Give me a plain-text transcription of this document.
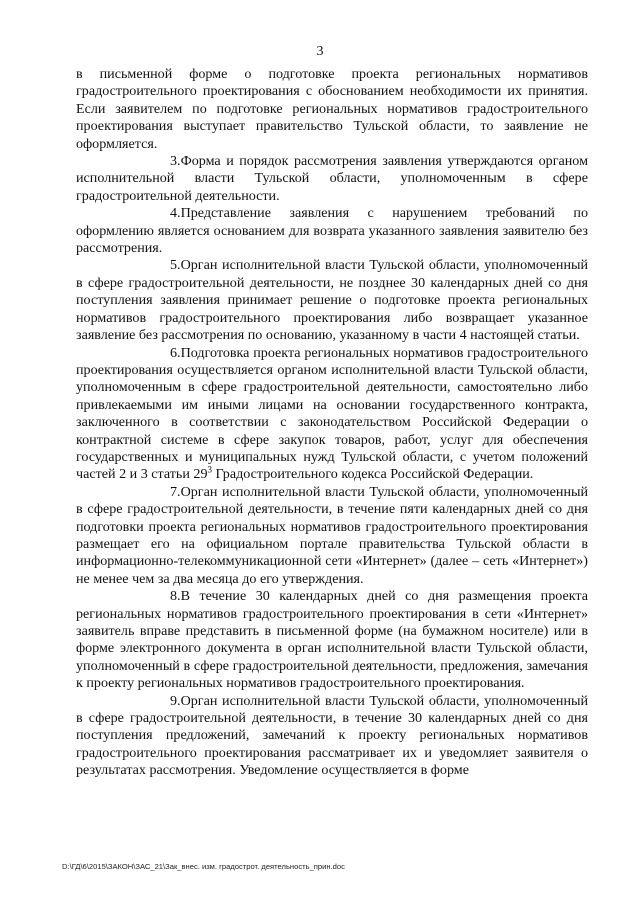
3

в письменной форме о подготовке проекта региональных нормативов градостроительного проектирования с обоснованием необходимости их принятия. Если заявителем по подготовке региональных нормативов градостроительного проектирования выступает правительство Тульской области, то заявление не оформляется.

3.Форма и порядок рассмотрения заявления утверждаются органом исполнительной власти Тульской области, уполномоченным в сфере градостроительной деятельности.

4.Представление заявления с нарушением требований по оформлению является основанием для возврата указанного заявления заявителю без рассмотрения.

5.Орган исполнительной власти Тульской области, уполномоченный в сфере градостроительной деятельности, не позднее 30 календарных дней со дня поступления заявления принимает решение о подготовке проекта региональных нормативов градостроительного проектирования либо возвращает указанное заявление без рассмотрения по основанию, указанному в части 4 настоящей статьи.

6.Подготовка проекта региональных нормативов градостроительного проектирования осуществляется органом исполнительной власти Тульской области, уполномоченным в сфере градостроительной деятельности, самостоятельно либо привлекаемыми им иными лицами на основании государственного контракта, заключенного в соответствии с законодательством Российской Федерации о контрактной системе в сфере закупок товаров, работ, услуг для обеспечения государственных и муниципальных нужд Тульской области, с учетом положений частей 2 и 3 статьи $29^3$ Градостроительного кодекса Российской Федерации.

7.Орган исполнительной власти Тульской области, уполномоченный в сфере градостроительной деятельности, в течение пяти календарных дней со дня подготовки проекта региональных нормативов градостроительного проектирования размещает его на официальном портале правительства Тульской области в информационно-телекоммуникационной сети «Интернет» (далее – сеть «Интернет») не менее чем за два месяца до его утверждения.

8.В течение 30 календарных дней со дня размещения проекта региональных нормативов градостроительного проектирования в сети «Интернет» заявитель вправе представить в письменной форме (на бумажном носителе) или в форме электронного документа в орган исполнительной власти Тульской области, уполномоченный в сфере градостроительной деятельности, предложения, замечания к проекту региональных нормативов градостроительного проектирования.

9.Орган исполнительной власти Тульской области, уполномоченный в сфере градостроительной деятельности, в течение 30 календарных дней со дня поступления предложений, замечаний к проекту региональных нормативов градостроительного проектирования рассматривает их и уведомляет заявителя о результатах рассмотрения. Уведомление осуществляется в форме

D:\ГД\6\2015\ЗАКОН\ЗАС_21\Зак_внес. изм. градострот. деятельность_прин.doc
